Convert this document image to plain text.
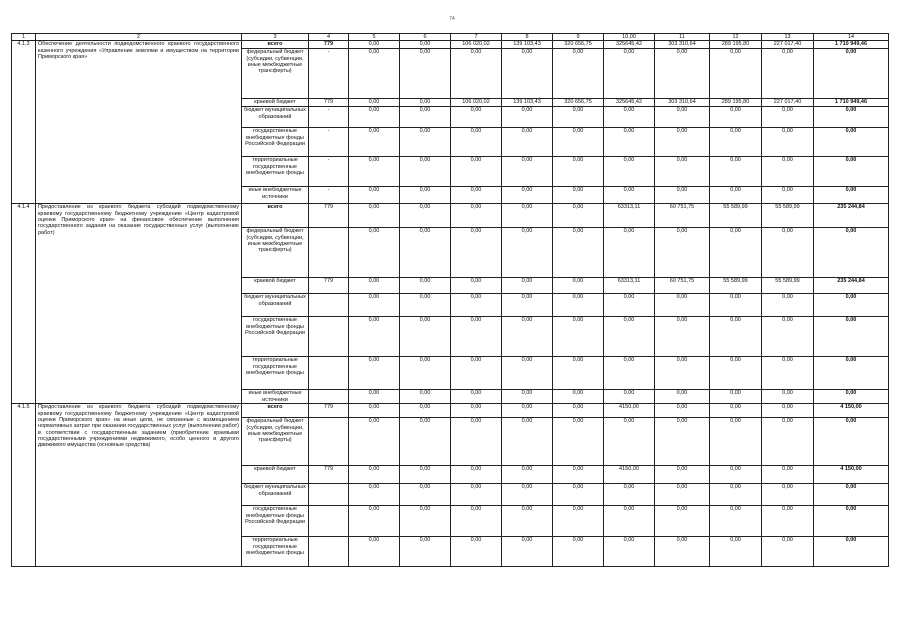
74
1	2	3	4	5	6	7	8	9	10,00	11	12	13	14
4.1.3	Обеспечение деятельности подведомственного краевого государственного казенного учреждения «Управление землями и имуществом на территории Приморского края»	всего	779	0,00	0,00	106 020,02	139 103,43	320 656,75	325645,42	303 310,64	289 195,80	227 017,40	1 710 949,46
		федеральный бюджет (субсидии, субвенции, иные межбюджетные трансферты)	-	0,00	0,00	0,00	0,00	0,00	0,00	0,00	0,00	0,00	0,00
		краевой бюджет	779	0,00	0,00	106 020,02	139 103,43	320 656,75	325645,42	303 310,64	289 195,80	227 017,40	1 710 949,46
		бюджет муниципальных образований	-	0,00	0,00	0,00	0,00	0,00	0,00	0,00	0,00	0,00	0,00
		государственные внебюджетные фонды Российской Федерации	-	0,00	0,00	0,00	0,00	0,00	0,00	0,00	0,00	0,00	0,00
		территориальные государственные внебюджетные фонды	-	0,00	0,00	0,00	0,00	0,00	0,00	0,00	0,00	0,00	0,00
		иные внебюджетные источники	-	0,00	0,00	0,00	0,00	0,00	0,00	0,00	0,00	0,00	0,00
4.1.4	Предоставление из краевого бюджета субсидий подведомственному краевому государственному бюджетному учреждению «Центр кадастровой оценки Приморского края» на финансовое обеспечение выполнения государственного задания на оказание государственных услуг (выполнение работ)	всего	779	0,00	0,00	0,00	0,00	0,00	63313,11	60 751,75	55 589,99	55 589,99	235 244,84
		федеральный бюджет (субсидии, субвенции, иные межбюджетные трансферты)		0,00	0,00	0,00	0,00	0,00	0,00	0,00	0,00	0,00	0,00
		краевой бюджет	779	0,00	0,00	0,00	0,00	0,00	63313,11	60 751,75	55 589,99	55 589,99	235 244,84
		бюджет муниципальных образований		0,00	0,00	0,00	0,00	0,00	0,00	0,00	0,00	0,00	0,00
		государственные внебюджетные фонды Российской Федерации		0,00	0,00	0,00	0,00	0,00	0,00	0,00	0,00	0,00	0,00
		территориальные государственные внебюджетные фонды		0,00	0,00	0,00	0,00	0,00	0,00	0,00	0,00	0,00	0,00
		иные внебюджетные источники		0,00	0,00	0,00	0,00	0,00	0,00	0,00	0,00	0,00	0,00
4.1.5	Предоставление из краевого бюджета субсидий подведомственному краевому государственному бюджетному учреждению «Центр кадастровой оценки Приморского края» на иные цели, не связанные с возмещением нормативных затрат при оказании государственных услуг (выполнении работ) в соответствии с государственным заданием (приобретение краевыми государственными учреждениями недвижимого, особо ценного и другого движимого имущества (основные средства)	всего	779	0,00	0,00	0,00	0,00	0,00	4150,00	0,00	0,00	0,00	4 150,00
		федеральный бюджет (субсидии, субвенции, иные межбюджетные трансферты)		0,00	0,00	0,00	0,00	0,00	0,00	0,00	0,00	0,00	0,00
		краевой бюджет	779	0,00	0,00	0,00	0,00	0,00	4150,00	0,00	0,00	0,00	4 150,00
		бюджет муниципальных образований		0,00	0,00	0,00	0,00	0,00	0,00	0,00	0,00	0,00	0,00
		государственные внебюджетные фонды Российской Федерации		0,00	0,00	0,00	0,00	0,00	0,00	0,00	0,00	0,00	0,00
		территориальные государственные внебюджетные фонды		0,00	0,00	0,00	0,00	0,00	0,00	0,00	0,00	0,00	0,00
